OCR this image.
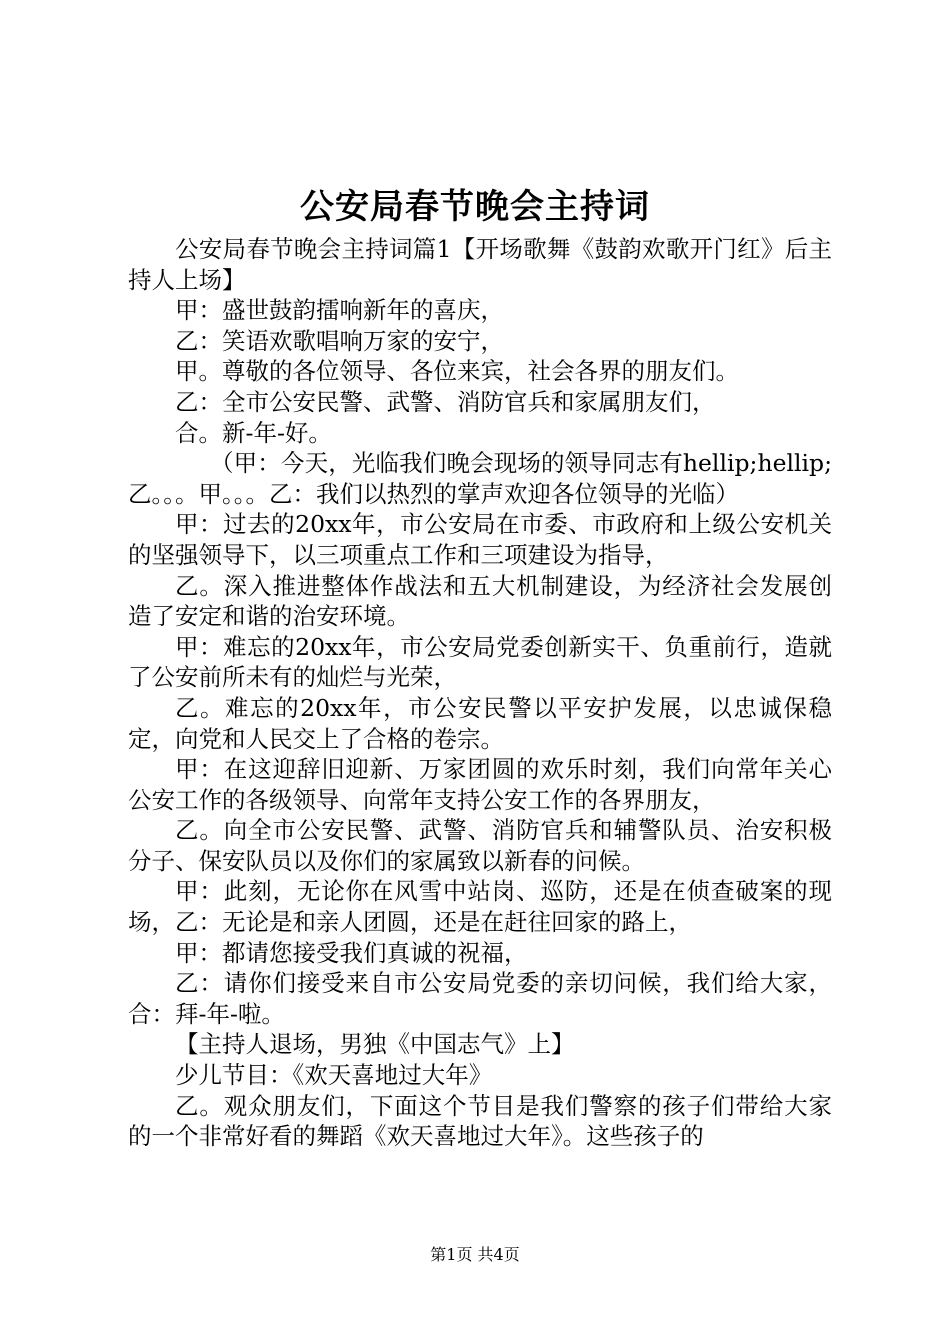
公安局春节晚会主持词

公安局春节晚会主持词篇1【开场歌舞《鼓韵欢歌开门红》后主持人上场】

甲：盛世鼓韵擂响新年的喜庆，

乙：笑语欢歌唱响万家的安宁，

甲。尊敬的各位领导、各位来宾，社会各界的朋友们。

乙：全市公安民警、武警、消防官兵和家属朋友们，

合。新-年-好。

（甲：今天，光临我们晚会现场的领导同志有hellip;hellip;乙。。。甲。。。乙：我们以热烈的掌声欢迎各位领导的光临）

甲：过去的20xx年，市公安局在市委、市政府和上级公安机关的坚强领导下，以三项重点工作和三项建设为指导，

乙。深入推进整体作战法和五大机制建设，为经济社会发展创造了安定和谐的治安环境。

甲：难忘的20xx年，市公安局党委创新实干、负重前行，造就了公安前所未有的灿烂与光荣，

乙。难忘的20xx年，市公安民警以平安护发展，以忠诚保稳定，向党和人民交上了合格的卷宗。

甲：在这迎辞旧迎新、万家团圆的欢乐时刻，我们向常年关心公安工作的各级领导、向常年支持公安工作的各界朋友，

乙。向全市公安民警、武警、消防官兵和辅警队员、治安积极分子、保安队员以及你们的家属致以新春的问候。

甲：此刻，无论你在风雪中站岗、巡防，还是在侦查破案的现场，乙：无论是和亲人团圆，还是在赶往回家的路上，

甲：都请您接受我们真诚的祝福，

乙：请你们接受来自市公安局党委的亲切问候，我们给大家，合：拜-年-啦。

【主持人退场，男独《中国志气》上】

少儿节目：《欢天喜地过大年》

乙。观众朋友们，下面这个节目是我们警察的孩子们带给大家的一个非常好看的舞蹈《欢天喜地过大年》。这些孩子的

第1页 共4页
